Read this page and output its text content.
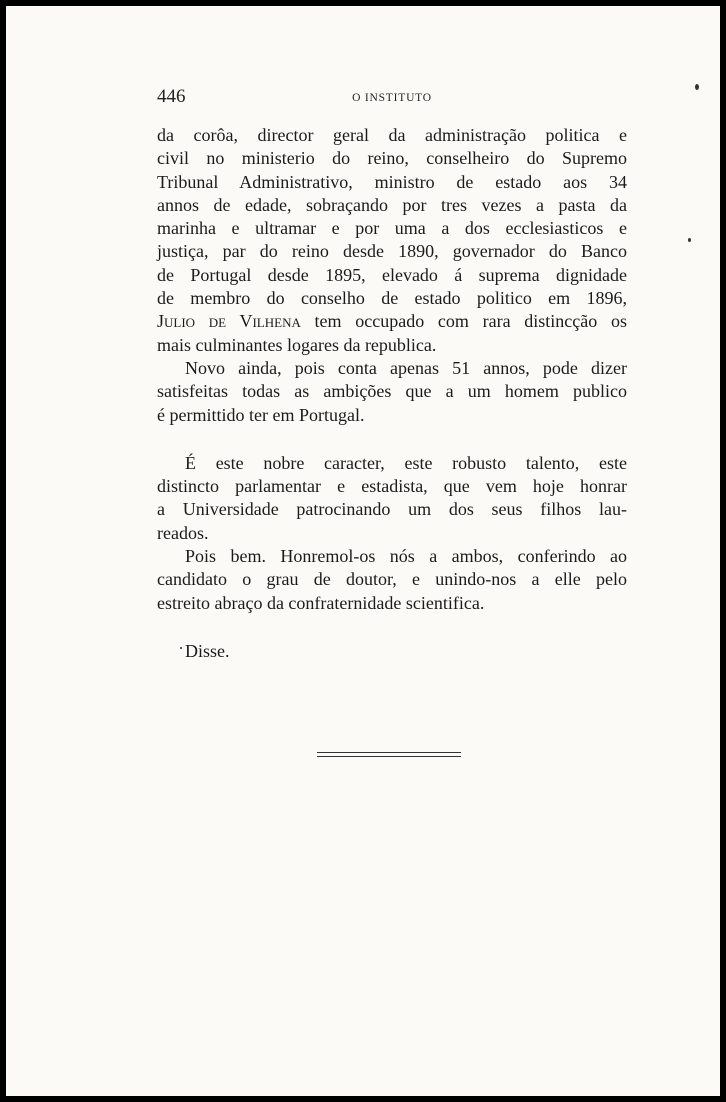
446	O INSTITUTO

da corôa, director geral da administração politica e
civil no ministerio do reino, conselheiro do Supremo
Tribunal Administrativo, ministro de estado aos 34
annos de edade, sobraçando por tres vezes a pasta da
marinha e ultramar e por uma a dos ecclesiasticos e
justiça, par do reino desde 1890, governador do Banco
de Portugal desde 1895, elevado á suprema dignidade
de membro do conselho de estado politico em 1896,
Julio de Vilhena tem occupado com rara distincção os
mais culminantes logares da republica.

Novo ainda, pois conta apenas 51 annos, pode dizer
satisfeitas todas as ambições que a um homem publico
é permittido ter em Portugal.

É este nobre caracter, este robusto talento, este
distincto parlamentar e estadista, que vem hoje honrar
a Universidade patrocinando um dos seus filhos lau-
reados.

Pois bem. Honremol-os nós a ambos, conferindo ao
candidato o grau de doutor, e unindo-nos a elle pelo
estreito abraço da confraternidade scientifica.

Disse.
